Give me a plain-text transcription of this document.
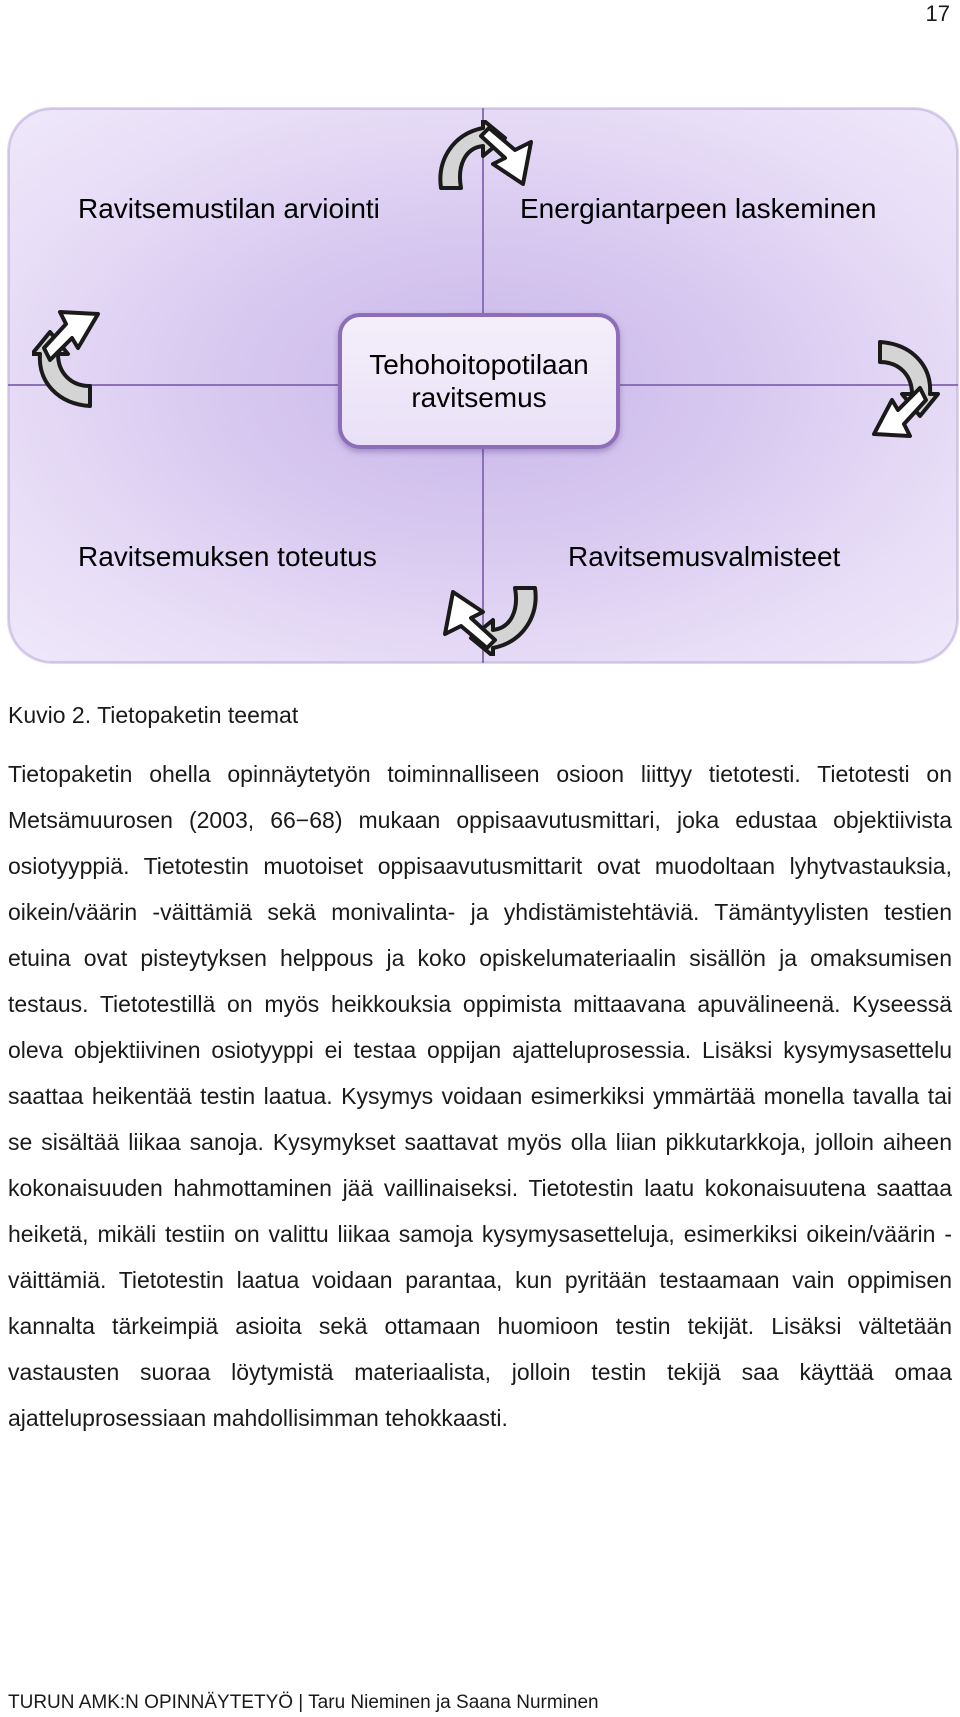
17
Ravitsemustilan arviointi	Energiantarpeen laskeminen
Ravitsemuksen toteutus	Ravitsemusvalmisteet
Tehohoitopotilaan
ravitsemus
Kuvio 2. Tietopaketin teemat

Tietopaketin ohella opinnäytetyön toiminnalliseen osioon liittyy tietotesti. Tietotesti on Metsämuurosen (2003, 66−68) mukaan oppisaavutusmittari, joka edustaa objektiivista osiotyyppiä. Tietotestin muotoiset oppisaavutusmittarit ovat muodoltaan lyhytvastauksia, oikein/väärin -väittämiä sekä monivalinta- ja yhdistämistehtäviä. Tämäntyylisten testien etuina ovat pisteytyksen helppous ja koko opiskelumateriaalin sisällön ja omaksumisen testaus. Tietotestillä on myös heikkouksia oppimista mittaavana apuvälineenä. Kyseessä oleva objektiivinen osiotyyppi ei testaa oppijan ajatteluprosessia. Lisäksi kysymysasettelu saattaa heikentää testin laatua. Kysymys voidaan esimerkiksi ymmärtää monella tavalla tai se sisältää liikaa sanoja. Kysymykset saattavat myös olla liian pikkutarkkoja, jolloin aiheen kokonaisuuden hahmottaminen jää vaillinaiseksi. Tietotestin laatu kokonaisuutena saattaa heiketä, mikäli testiin on valittu liikaa samoja kysymysasetteluja, esimerkiksi oikein/väärin -väittämiä. Tietotestin laatua voidaan parantaa, kun pyritään testaamaan vain oppimisen kannalta tärkeimpiä asioita sekä ottamaan huomioon testin tekijät. Lisäksi vältetään vastausten suoraa löytymistä materiaalista, jolloin testin tekijä saa käyttää omaa ajatteluprosessiaan mahdollisimman tehokkaasti.

TURUN AMK:N OPINNÄYTETYÖ | Taru Nieminen ja Saana Nurminen
